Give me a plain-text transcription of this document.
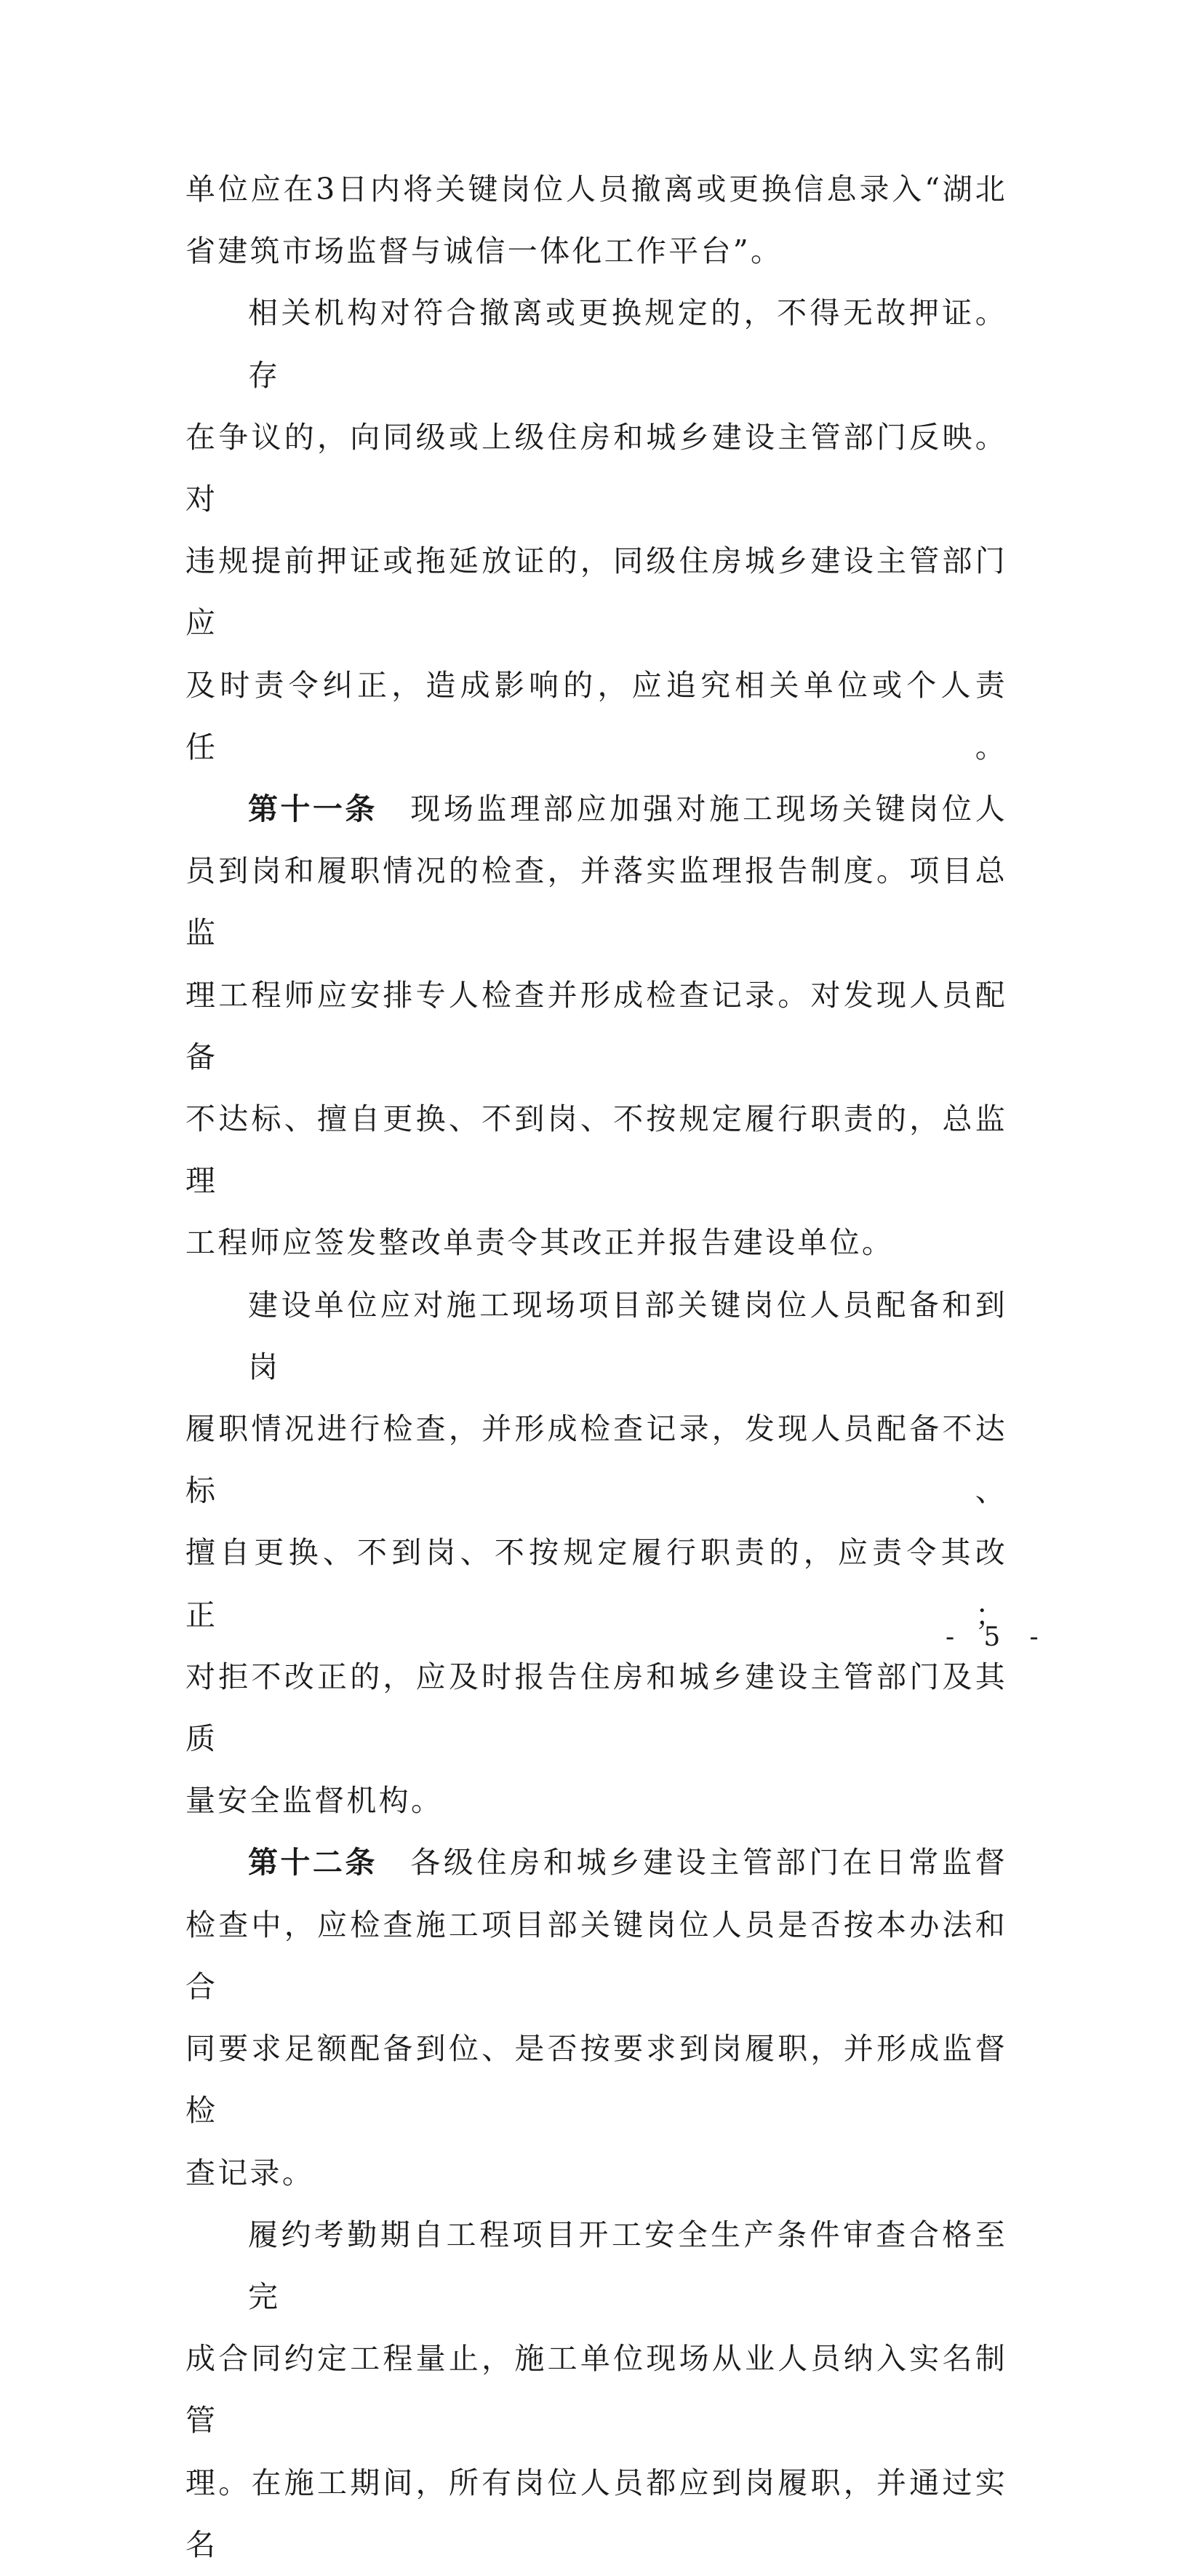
单位应在3日内将关键岗位人员撤离或更换信息录入“湖北
省建筑市场监督与诚信一体化工作平台”。

相关机构对符合撤离或更换规定的，不得无故押证。存
在争议的，向同级或上级住房和城乡建设主管部门反映。对
违规提前押证或拖延放证的，同级住房城乡建设主管部门应
及时责令纠正，造成影响的，应追究相关单位或个人责任。

第十一条 现场监理部应加强对施工现场关键岗位人
员到岗和履职情况的检查，并落实监理报告制度。项目总监
理工程师应安排专人检查并形成检查记录。对发现人员配备
不达标、擅自更换、不到岗、不按规定履行职责的，总监理
工程师应签发整改单责令其改正并报告建设单位。

建设单位应对施工现场项目部关键岗位人员配备和到岗
履职情况进行检查，并形成检查记录，发现人员配备不达标、
擅自更换、不到岗、不按规定履行职责的，应责令其改正；
对拒不改正的，应及时报告住房和城乡建设主管部门及其质
量安全监督机构。

第十二条 各级住房和城乡建设主管部门在日常监督
检查中，应检查施工项目部关键岗位人员是否按本办法和合
同要求足额配备到位、是否按要求到岗履职，并形成监督检
查记录。

履约考勤期自工程项目开工安全生产条件审查合格至完
成合同约定工程量止，施工单位现场从业人员纳入实名制管
理。在施工期间，所有岗位人员都应到岗履职，并通过实名

- 5 -
